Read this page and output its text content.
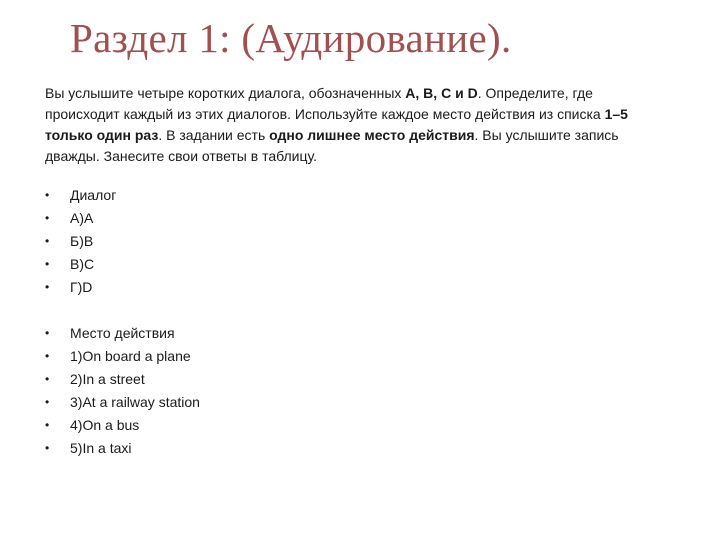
Раздел 1: (Аудирование).

Вы услышите четыре коротких диалога, обозначенных A, B, C и D. Определите, где происходит каждый из этих диалогов. Используйте каждое место действия из списка 1–5 только один раз. В задании есть одно лишнее место действия. Вы услышите запись дважды. Занесите свои ответы в таблицу.

•	Диалог
•	А)А
•	Б)В
•	В)С
•	Г)D
•	Место действия
•	1)On board a plane
•	2)In a street
•	3)At a railway station
•	4)On a bus
•	5)In a taxi
